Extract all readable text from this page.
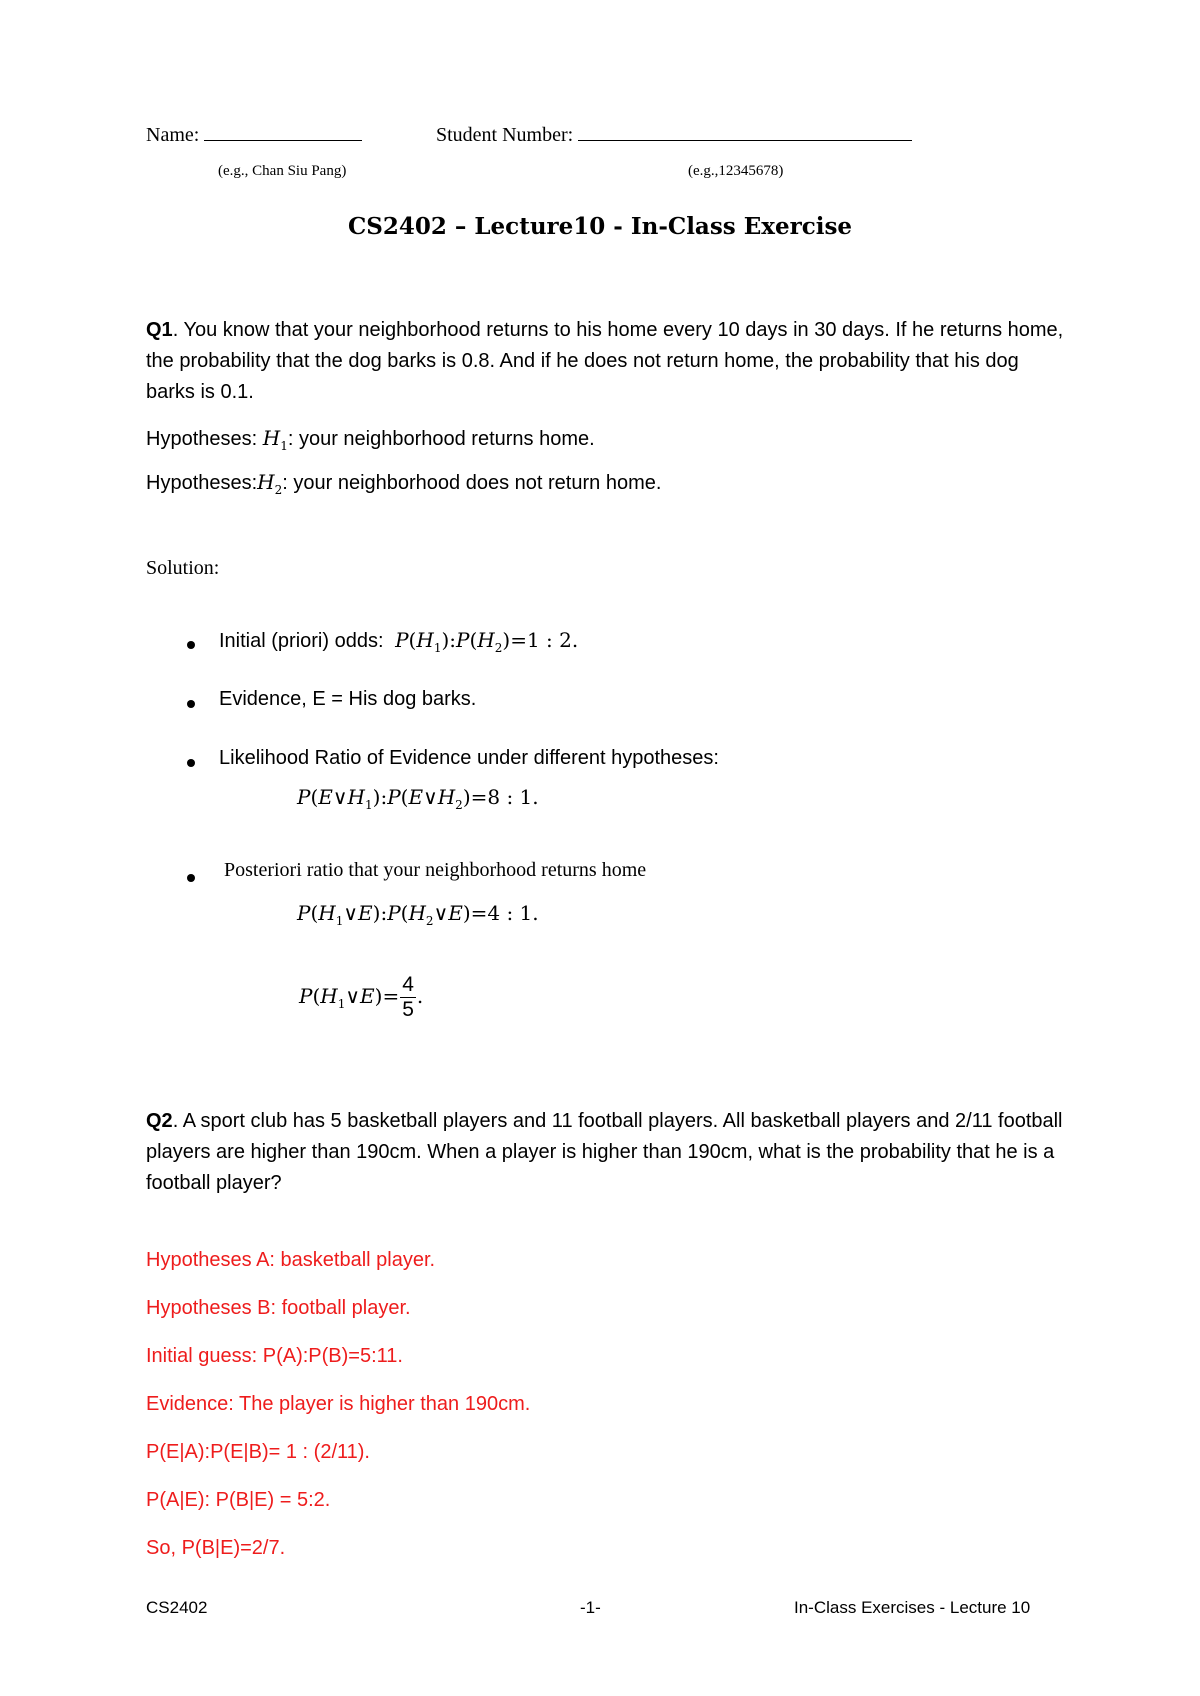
Name:	Student Number:
(e.g., Chan Siu Pang)	(e.g.,12345678)
CS2402 – Lecture10 - In-Class Exercise
Q1. You know that your neighborhood returns to his home every 10 days in 30 days. If he returns home, the probability that the dog barks is 0.8. And if he does not return home, the probability that his dog barks is 0.1.
Hypotheses: $H_1$: your neighborhood returns home.
$Hypotheses:H_2$: your neighborhood does not return home.
Solution:
Initial (priori) odds: $P(H_1):P(H_2)=1$ : 2.
Evidence, E = His dog barks.
Likelihood Ratio of Evidence under different hypotheses:
$P(E\vee H_1):P(E\vee H_2)=8$ : 1.
Posteriori ratio that your neighborhood returns home
$P(H_1\vee E):P(H_2\vee E)=4$ : 1.
$P(H_1\vee E)= \frac{4}{5}$ .
Q2. A sport club has 5 basketball players and 11 football players. All basketball players and 2/11 football players are higher than 190cm. When a player is higher than 190cm, what is the probability that he is a football player?
Hypotheses A: basketball player.
Hypotheses B: football player.
Initial guess: P(A):P(B)=5:11.
Evidence: The player is higher than 190cm.
P(E|A):P(E|B)= 1 : (2/11).
P(A|E): P(B|E) = 5:2.
So, P(B|E)=2/7.
CS2402	-1-	In-Class Exercises - Lecture 10
